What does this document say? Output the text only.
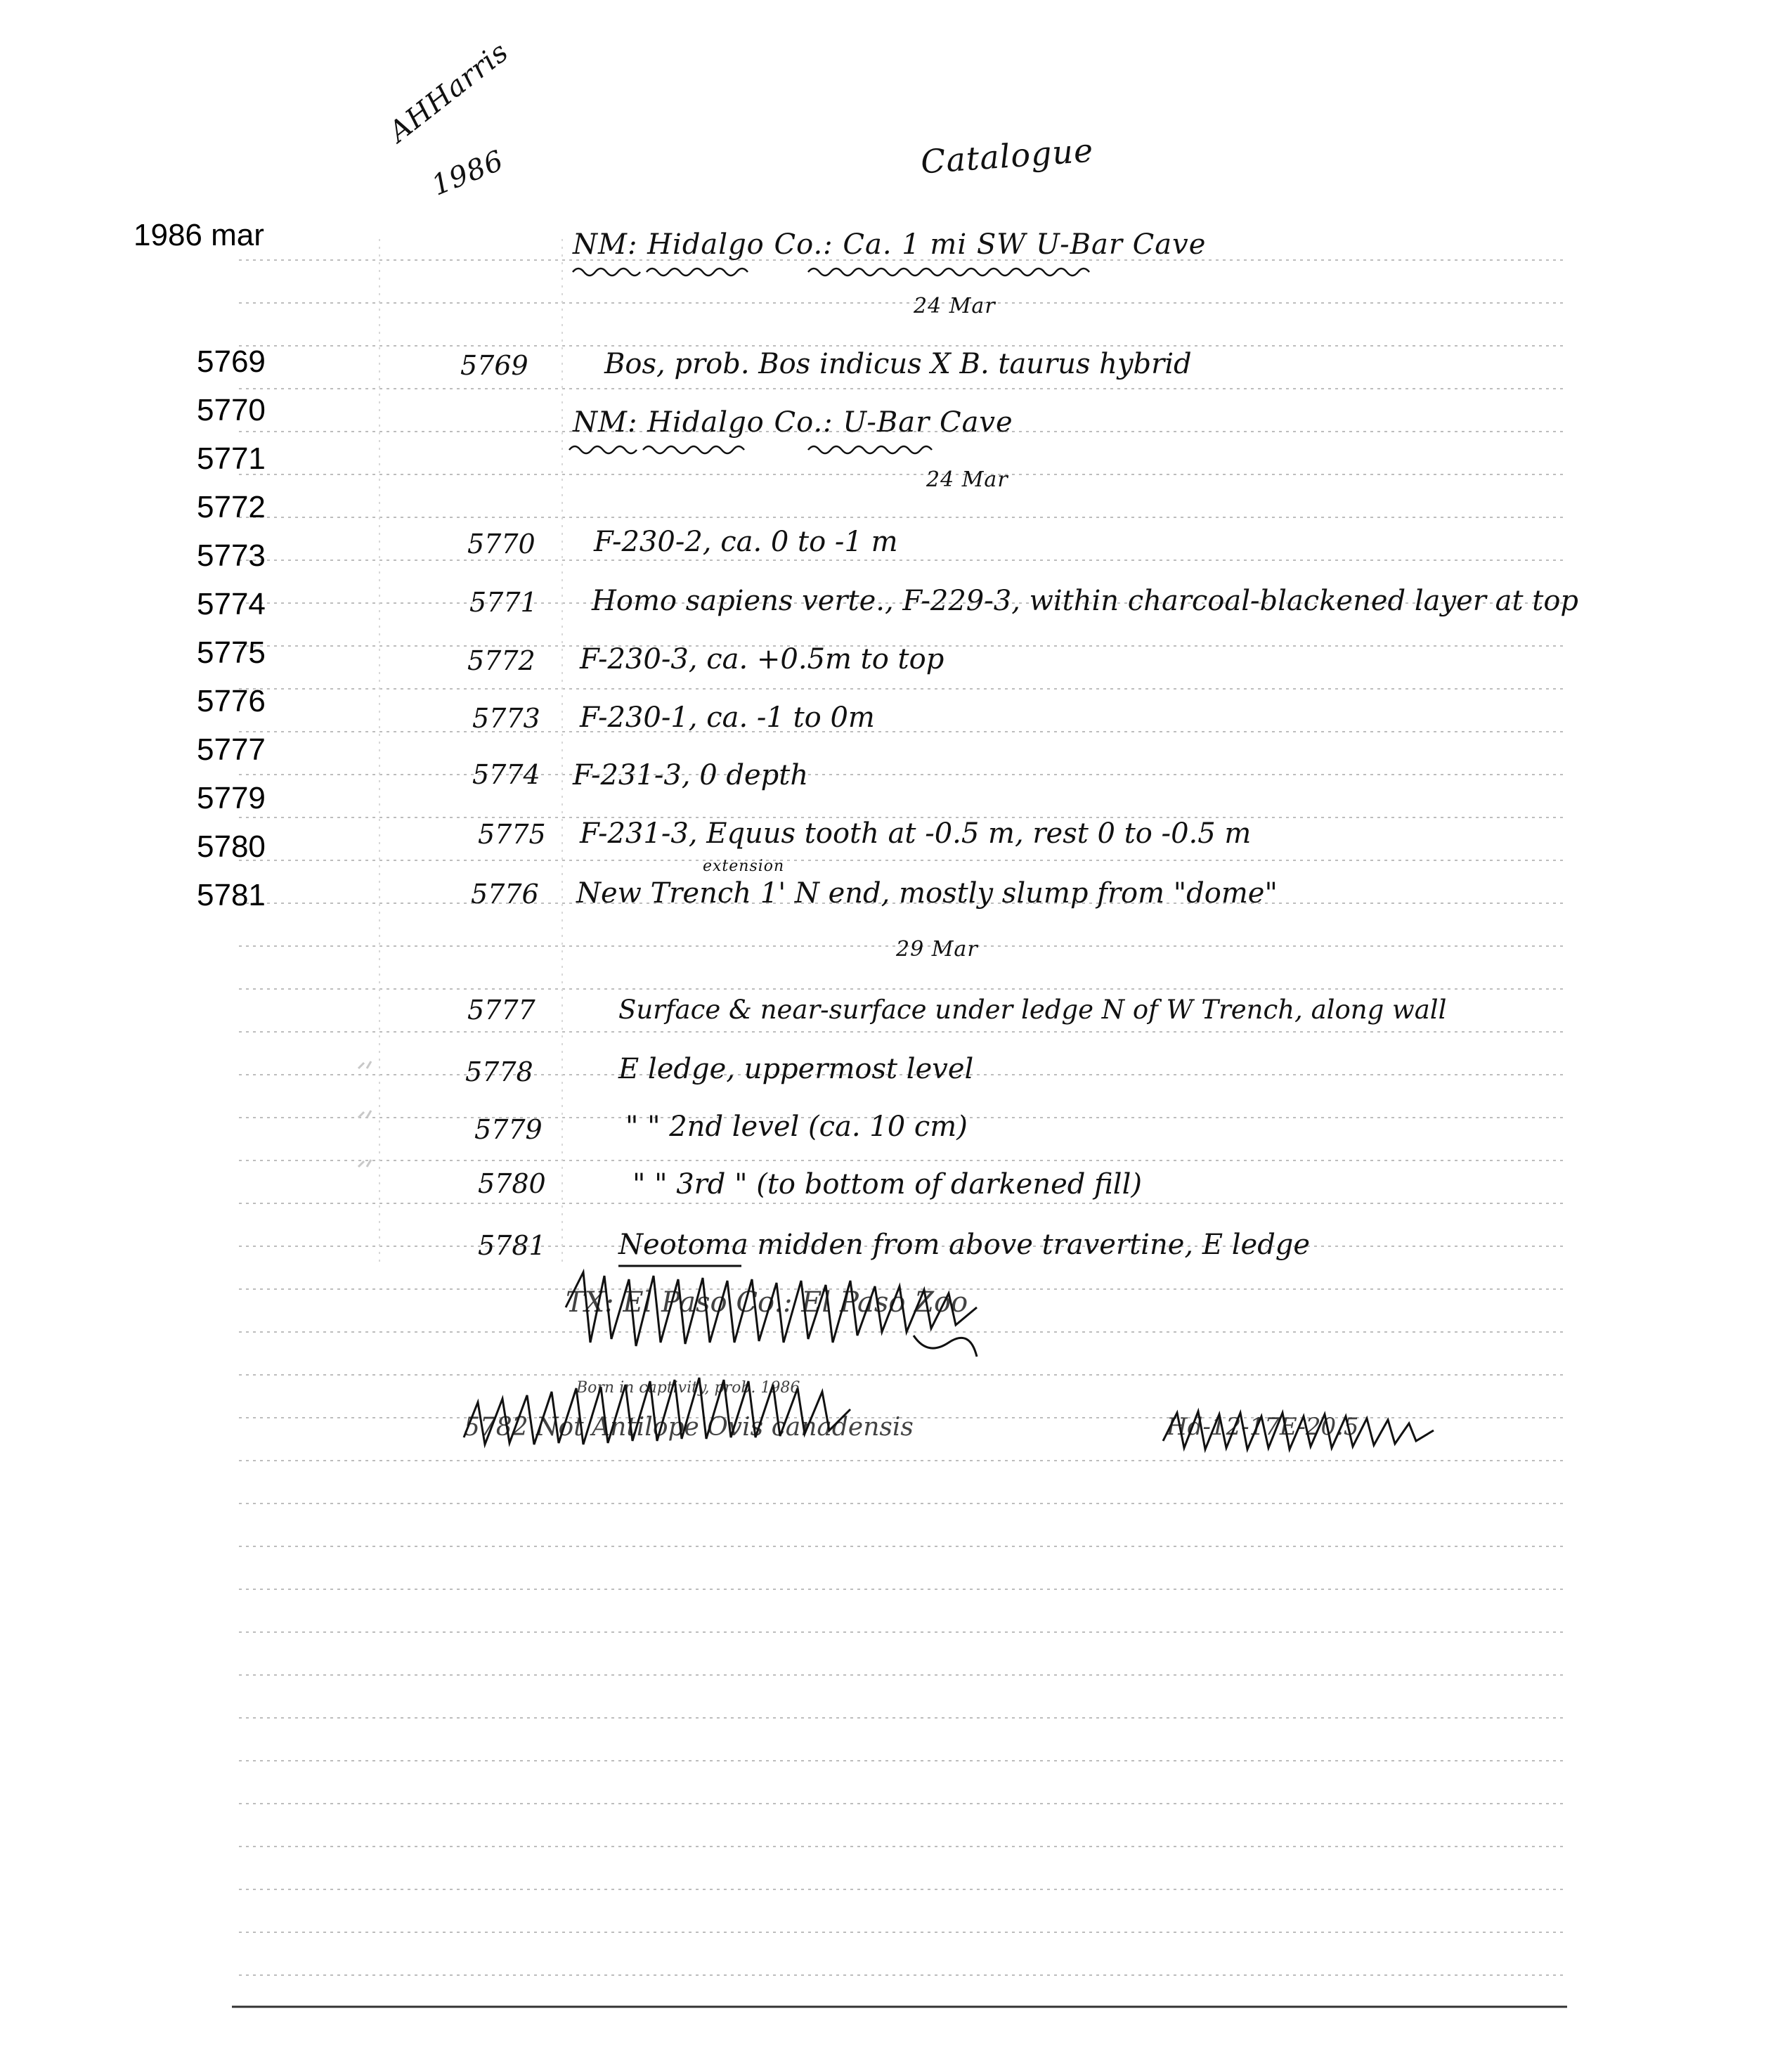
AHHarris
1986	Catalogue
1986 mar
5769
5770
5771
5772
5773
5774
5775
5776
5777
5779
5780
5781
NM: Hidalgo Co.: Ca. 1 mi SW U-Bar Cave
24 Mar
5769	Bos, prob. Bos indicus X B. taurus hybrid
NM: Hidalgo Co.: U-Bar Cave
24 Mar
5770 F-230-2, ca. 0 to -1 m
5771 Homo sapiens verte., F-229-3, within charcoal-blackened layer at top
5772 F-230-3, ca. +0.5m to top
5773 F-230-1, ca. -1 to 0m
5774 F-231-3, 0 depth
5775 F-231-3, Equus tooth at -0.5 m, rest 0 to -0.5 m
extension
5776 New Trench 1' N end, mostly slump from "dome"
29 Mar
5777	Surface & near-surface under ledge N of W Trench, along wall
5778	E ledge, uppermost level
5779	" " 2nd level (ca. 10 cm)
5780	" " 3rd " (to bottom of darkened fill)
5781	Neotoma midden from above travertine, E ledge
TX: El Paso Co.: El Paso Zoo
Born in captivity, prob. 1986
5782 Not Antilope Ovis canadensis	Hd-12-17E-20.5
